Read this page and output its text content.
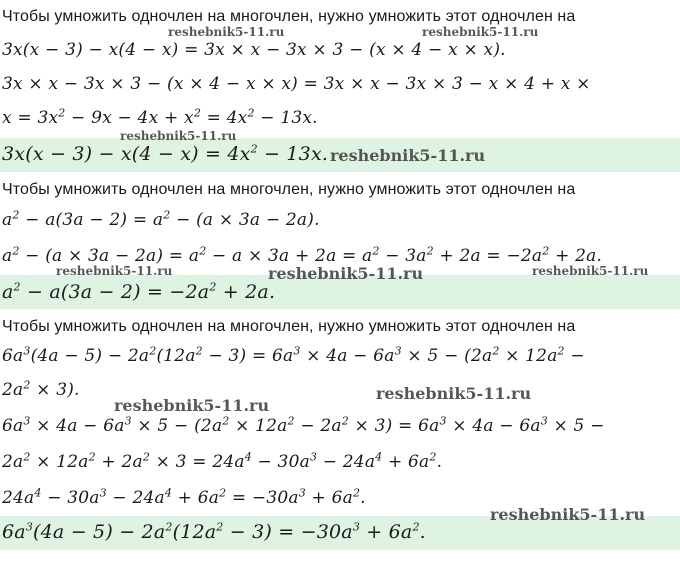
Чтобы умножить одночлен на многочлен, нужно умножить этот одночлен на
3x(x − 3) − x(4 − x) = 3x × x − 3x × 3 − (x × 4 − x × x).
3x × x − 3x × 3 − (x × 4 − x × x) = 3x × x − 3x × 3 − x × 4 + x ×
$x = 3x^2 - 9x - 4x + x^2 = 4x^2 - 13x$.
$3x(x - 3) - x(4 - x) = 4x^2 - 13x$.
Чтобы умножить одночлен на многочлен, нужно умножить этот одночлен на
$a^2 - a(3a - 2) = a^2 - (a \times 3a - 2a)$.
$a^2 - (a \times 3a - 2a) = a^2 - a \times 3a + 2a = a^2 - 3a^2 + 2a = -2a^2 + 2a$.
$a^2 - a(3a - 2) = -2a^2 + 2a$.
Чтобы умножить одночлен на многочлен, нужно умножить этот одночлен на
$6a^3(4a - 5) - 2a^2(12a^2 - 3) = 6a^3 \times 4a - 6a^3 \times 5 - (2a^2 \times 12a^2$ −
$2a^2 \times 3$).
$6a^3 \times 4a - 6a^3 \times 5 - (2a^2 \times 12a^2 - 2a^2 \times 3) = 6a^3 \times 4a - 6a^3 \times 5$ −
$2a^2 \times 12a^2 + 2a^2 \times 3 = 24a^4 - 30a^3 - 24a^4 + 6a^2$.
$24a^4 - 30a^3 - 24a^4 + 6a^2 = -30a^3 + 6a^2$.
$6a^3(4a - 5) - 2a^2(12a^2 - 3) = -30a^3 + 6a^2$.
reshebnik5-11.ru	reshebnik5-11.ru
reshebnik5-11.ru
reshebnik5-11.ru
reshebnik5-11.ru	reshebnik5-11.ru	reshebnik5-11.ru
reshebnik5-11.ru
reshebnik5-11.ru
reshebnik5-11.ru
